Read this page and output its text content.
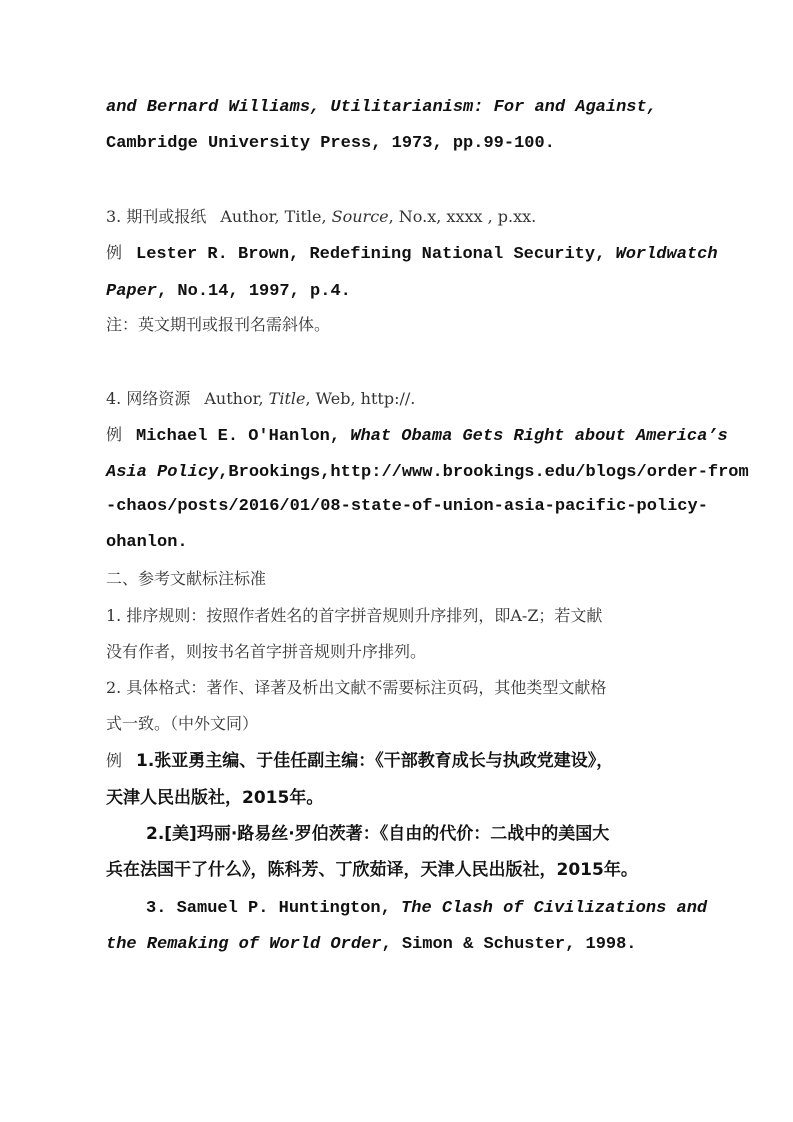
and Bernard Williams, Utilitarianism: For and Against,
Cambridge University Press, 1973, pp.99-100.
3. 期刊或报纸 Author, Title, Source, No.x, xxxx , p.xx.
例 Lester R. Brown, Redefining National Security, Worldwatch
Paper, No.14, 1997, p.4.
注：英文期刊或报刊名需斜体。
4. 网络资源 Author, Title, Web, http://.
例 Michael E. O'Hanlon, What Obama Gets Right about America’s
Asia Policy,Brookings,http://www.brookings.edu/blogs/order-from
-chaos/posts/2016/01/08-state-of-union-asia-pacific-policy-
ohanlon.
二、参考文献标注标准
1. 排序规则：按照作者姓名的首字拼音规则升序排列，即A-Z；若文献
没有作者，则按书名首字拼音规则升序排列。
2. 具体格式：著作、译著及析出文献不需要标注页码，其他类型文献格
式一致。（中外文同）
例 1.张亚勇主编、于佳任副主编：《干部教育成长与执政党建设》，
天津人民出版社，2015年。
2.[美]玛丽·路易丝·罗伯茨著：《自由的代价：二战中的美国大
兵在法国干了什么》，陈科芳、丁欣茹译，天津人民出版社，2015年。
3. Samuel P. Huntington, The Clash of Civilizations and
the Remaking of World Order, Simon & Schuster, 1998.
